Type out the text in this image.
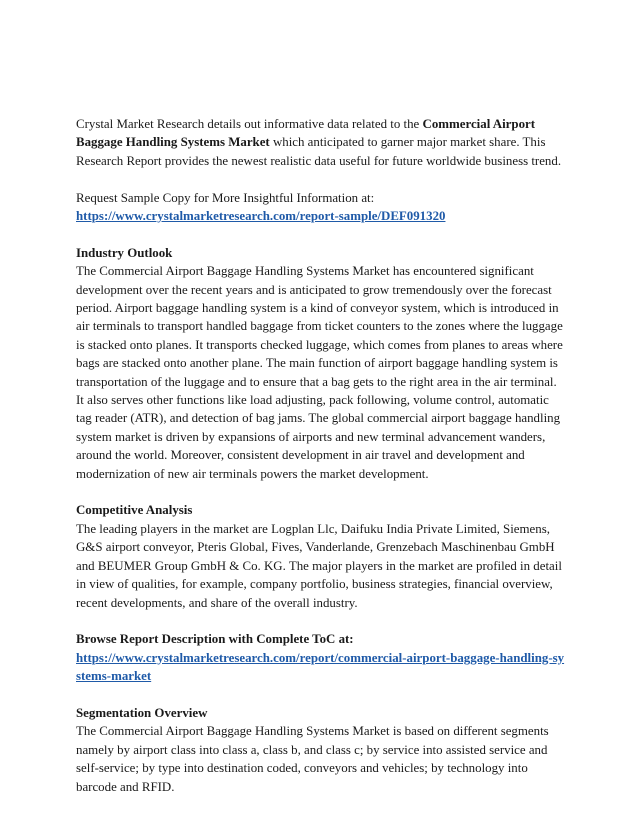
Crystal Market Research details out informative data related to the Commercial Airport Baggage Handling Systems Market which anticipated to garner major market share. This Research Report provides the newest realistic data useful for future worldwide business trend.

Request Sample Copy for More Insightful Information at:
https://www.crystalmarketresearch.com/report-sample/DEF091320

Industry Outlook
The Commercial Airport Baggage Handling Systems Market has encountered significant development over the recent years and is anticipated to grow tremendously over the forecast period. Airport baggage handling system is a kind of conveyor system, which is introduced in air terminals to transport handled baggage from ticket counters to the zones where the luggage is stacked onto planes. It transports checked luggage, which comes from planes to areas where bags are stacked onto another plane. The main function of airport baggage handling system is transportation of the luggage and to ensure that a bag gets to the right area in the air terminal. It also serves other functions like load adjusting, pack following, volume control, automatic tag reader (ATR), and detection of bag jams. The global commercial airport baggage handling system market is driven by expansions of airports and new terminal advancement wanders, around the world. Moreover, consistent development in air travel and development and modernization of new air terminals powers the market development.

Competitive Analysis
The leading players in the market are Logplan Llc, Daifuku India Private Limited, Siemens, G&S airport conveyor, Pteris Global, Fives, Vanderlande, Grenzebach Maschinenbau GmbH and BEUMER Group GmbH & Co. KG. The major players in the market are profiled in detail in view of qualities, for example, company portfolio, business strategies, financial overview, recent developments, and share of the overall industry.

Browse Report Description with Complete ToC at:
https://www.crystalmarketresearch.com/report/commercial-airport-baggage-handling-systems-market

Segmentation Overview
The Commercial Airport Baggage Handling Systems Market is based on different segments namely by airport class into class a, class b, and class c; by service into assisted service and self-service; by type into destination coded, conveyors and vehicles; by technology into barcode and RFID.
